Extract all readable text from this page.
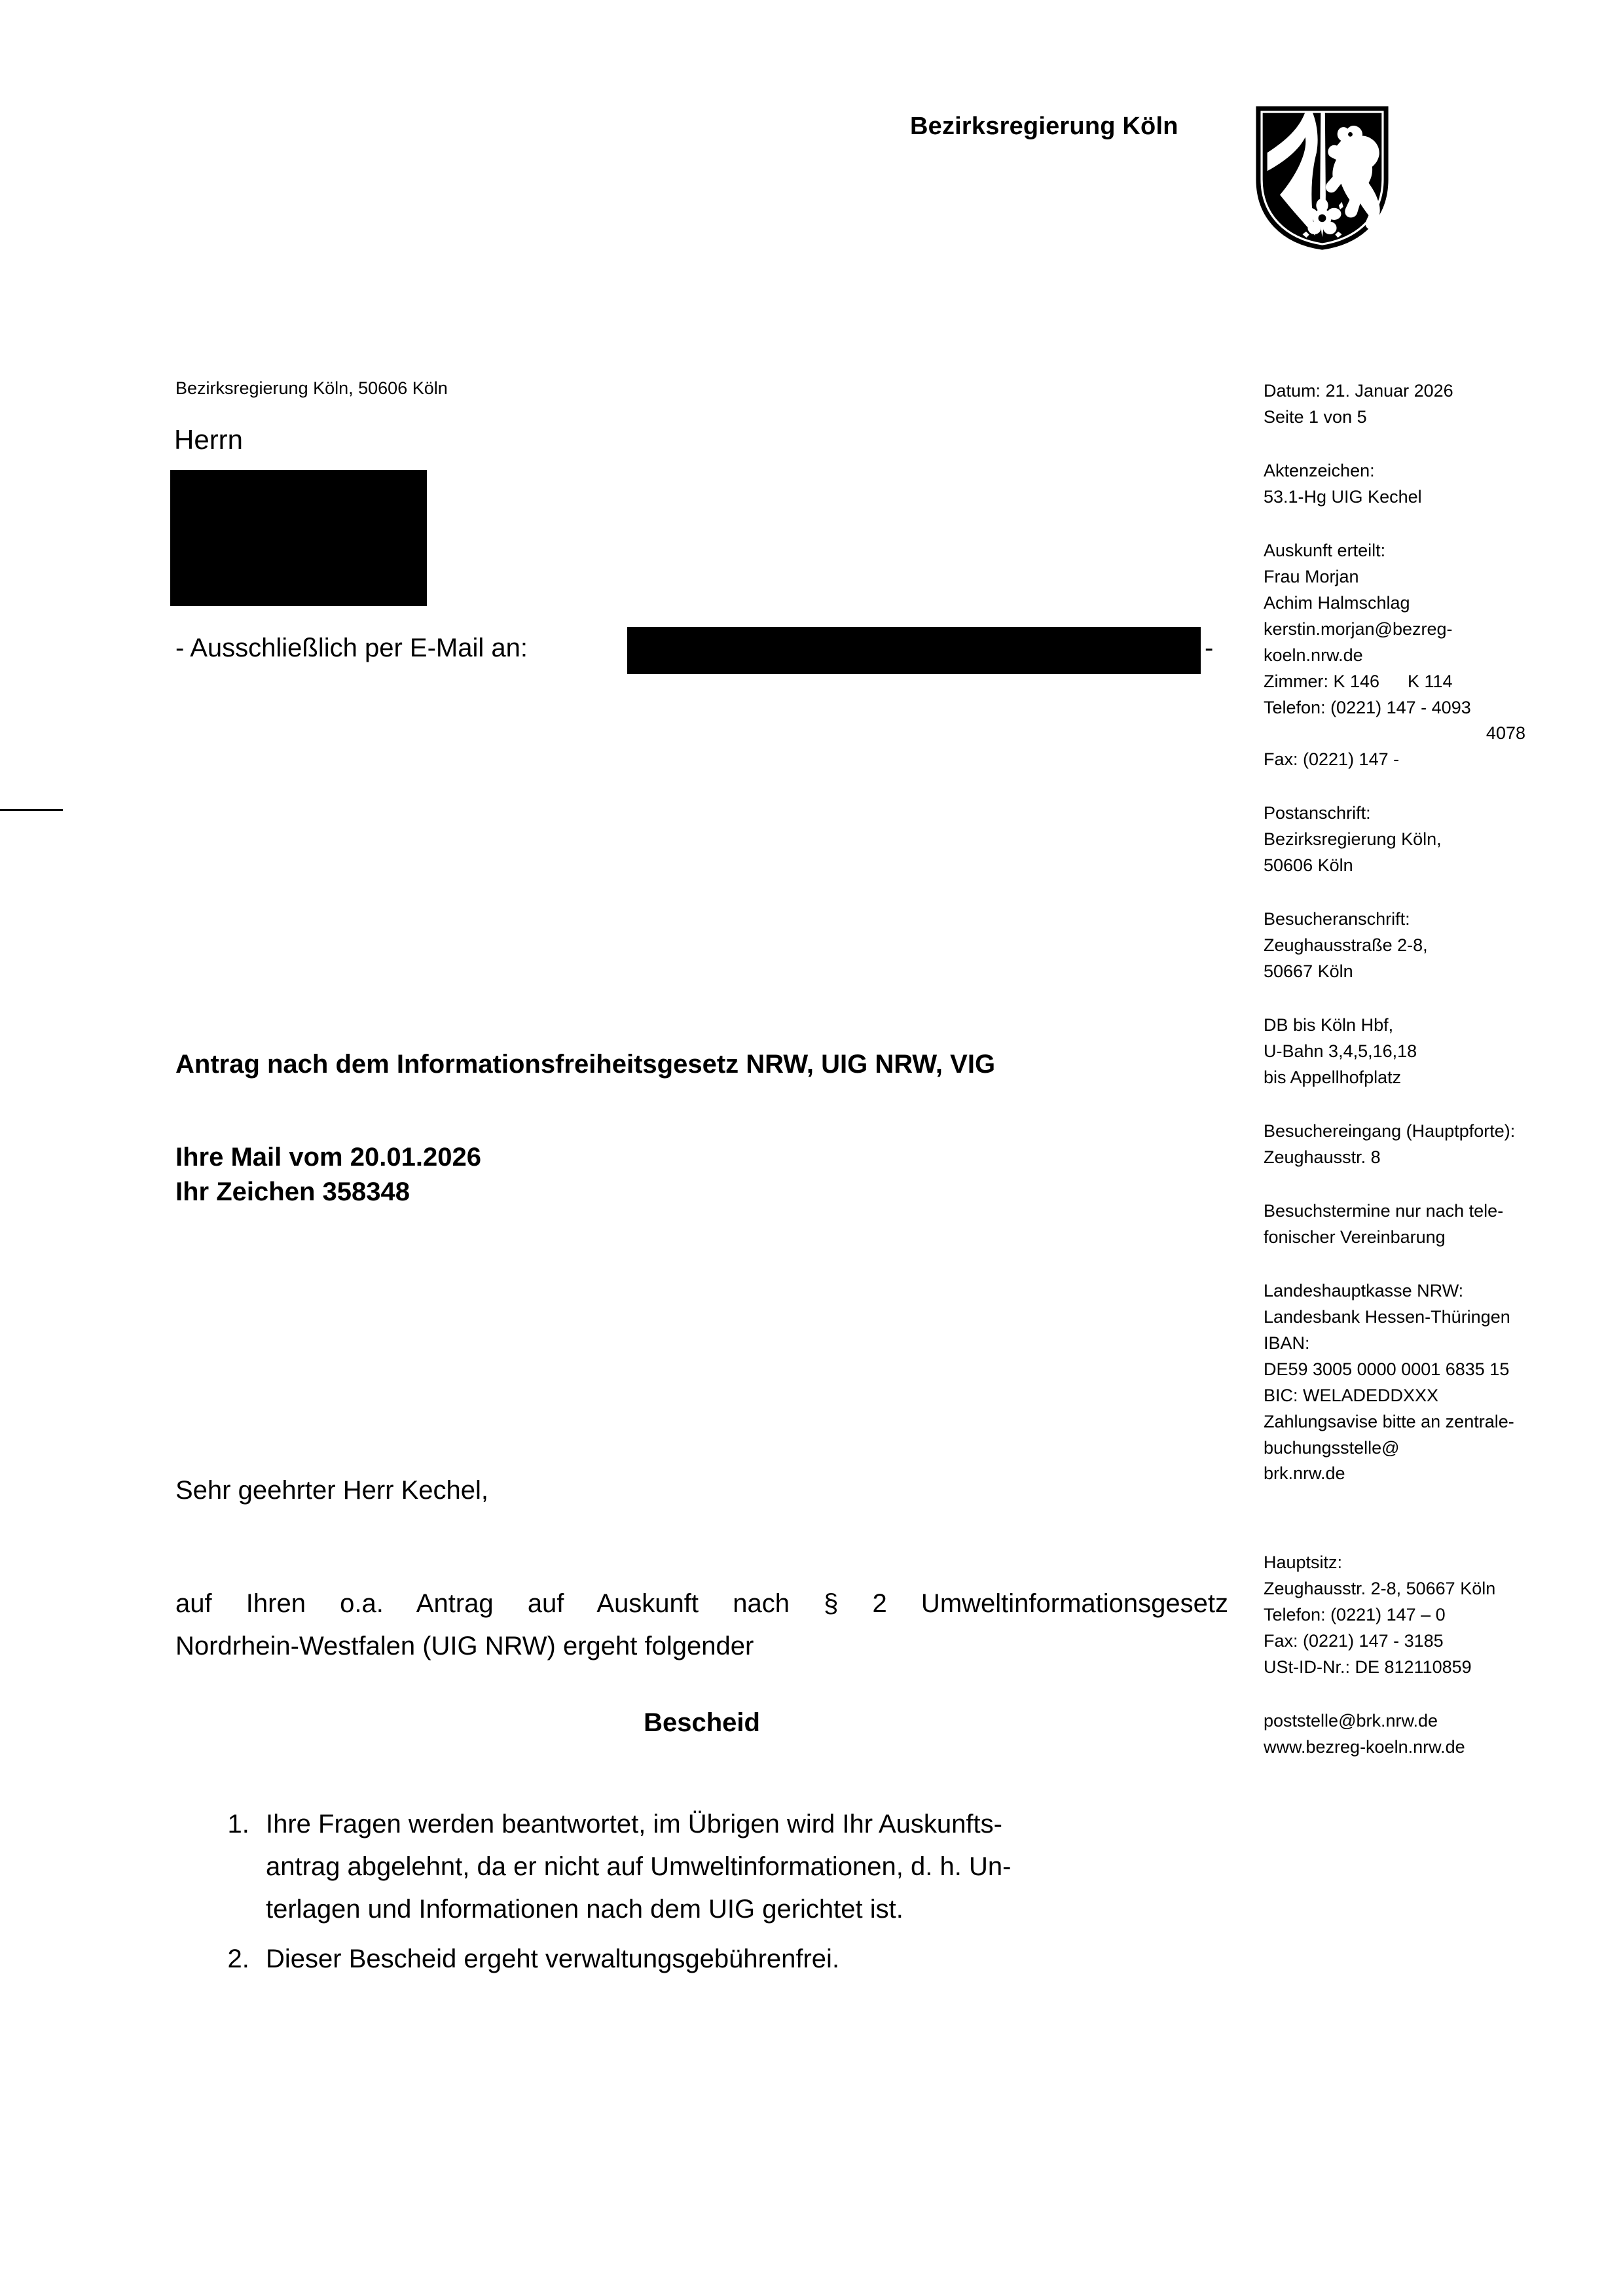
Bezirksregierung Köln
Bezirksregierung Köln, 50606 Köln
Herrn
- Ausschließlich per E-Mail an:	-
Antrag nach dem Informationsfreiheitsgesetz NRW, UIG NRW, VIG
Ihre Mail vom 20.01.2026
Ihr Zeichen 358348
Sehr geehrter Herr Kechel,
auf Ihren o.a. Antrag auf Auskunft nach § 2 Umweltinformationsgesetz
Nordrhein-Westfalen (UIG NRW) ergeht folgender
Bescheid
1. Ihre Fragen werden beantwortet, im Übrigen wird Ihr Auskunfts-
antrag abgelehnt, da er nicht auf Umweltinformationen, d. h. Un-
terlagen und Informationen nach dem UIG gerichtet ist.
2. Dieser Bescheid ergeht verwaltungsgebührenfrei.
Datum: 21. Januar 2026
Seite 1 von 5
Aktenzeichen:
53.1-Hg UIG Kechel
Auskunft erteilt:
Frau Morjan
Achim Halmschlag
kerstin.morjan@bezreg-
koeln.nrw.de
Zimmer: K 146	K 114
Telefon: (0221) 147 - 4093
4078
Fax: (0221) 147 -
Postanschrift:
Bezirksregierung Köln,
50606 Köln
Besucheranschrift:
Zeughausstraße 2-8,
50667 Köln
DB bis Köln Hbf,
U-Bahn 3,4,5,16,18
bis Appellhofplatz
Besuchereingang (Hauptpforte):
Zeughausstr. 8
Besuchstermine nur nach tele-
fonischer Vereinbarung
Landeshauptkasse NRW:
Landesbank Hessen-Thüringen
IBAN:
DE59 3005 0000 0001 6835 15
BIC: WELADEDDXXX
Zahlungsavise bitte an zentrale-
buchungsstelle@
brk.nrw.de
Hauptsitz:
Zeughausstr. 2-8, 50667 Köln
Telefon: (0221) 147 – 0
Fax: (0221) 147 - 3185
USt-ID-Nr.: DE 812110859
poststelle@brk.nrw.de
www.bezreg-koeln.nrw.de
